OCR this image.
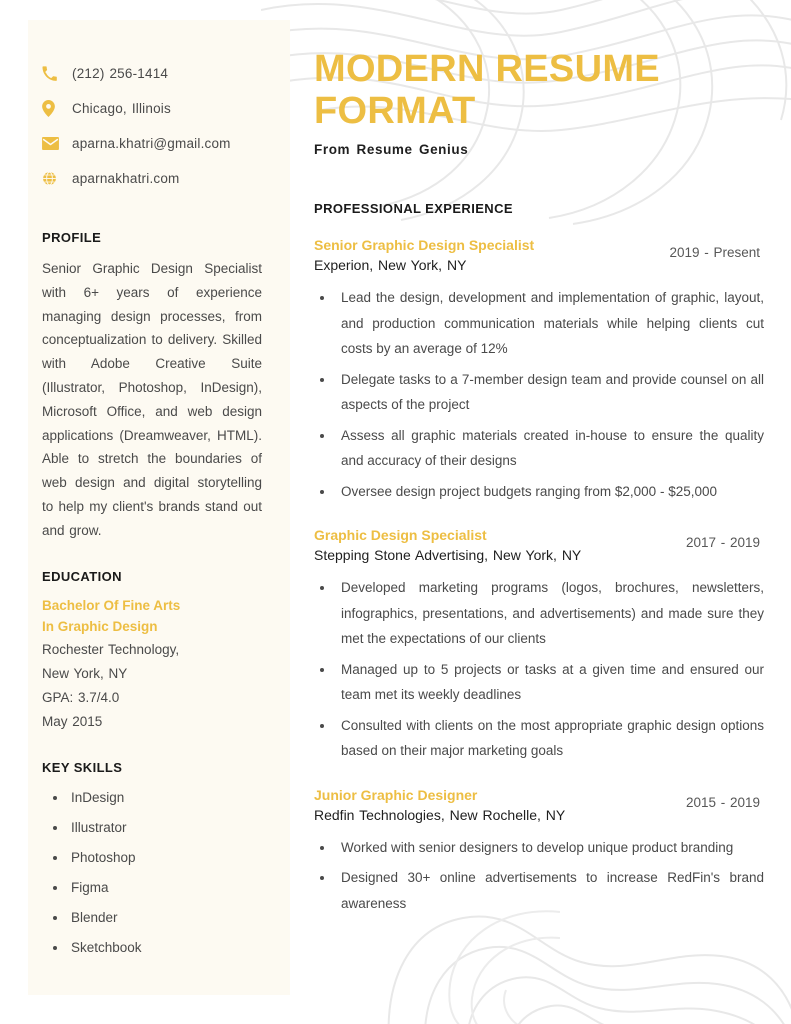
(212) 256-1414
Chicago, Illinois
aparna.khatri@gmail.com
aparnakhatri.com
PROFILE

Senior Graphic Design Specialist with 6+ years of experience managing design processes, from conceptualization to delivery. Skilled with Adobe Creative Suite (Illustrator, Photoshop, InDesign), Microsoft Office, and web design applications (Dreamweaver, HTML). Able to stretch the boundaries of web design and digital storytelling to help my client's brands stand out and grow.

EDUCATION
Bachelor Of Fine Arts
In Graphic Design
Rochester Technology,
New York, NY
GPA: 3.7/4.0
May 2015
KEY SKILLS
InDesign
Illustrator
Photoshop
Figma
Blender
Sketchbook
MODERN RESUME FORMAT
From Resume Genius
PROFESSIONAL EXPERIENCE
Senior Graphic Design Specialist
Experion, New York, NY
2019 - Present
Lead the design, development and implementation of graphic, layout, and production communication materials while helping clients cut costs by an average of 12%
Delegate tasks to a 7-member design team and provide counsel on all aspects of the project
Assess all graphic materials created in-house to ensure the quality and accuracy of their designs
Oversee design project budgets ranging from $2,000 - $25,000
Graphic Design Specialist
Stepping Stone Advertising, New York, NY
2017 - 2019
Developed marketing programs (logos, brochures, newsletters, infographics, presentations, and advertisements) and made sure they met the expectations of our clients
Managed up to 5 projects or tasks at a given time and ensured our team met its weekly deadlines
Consulted with clients on the most appropriate graphic design options based on their major marketing goals
Junior Graphic Designer
Redfin Technologies, New Rochelle, NY
2015 - 2019
Worked with senior designers to develop unique product branding
Designed 30+ online advertisements to increase RedFin's brand awareness
